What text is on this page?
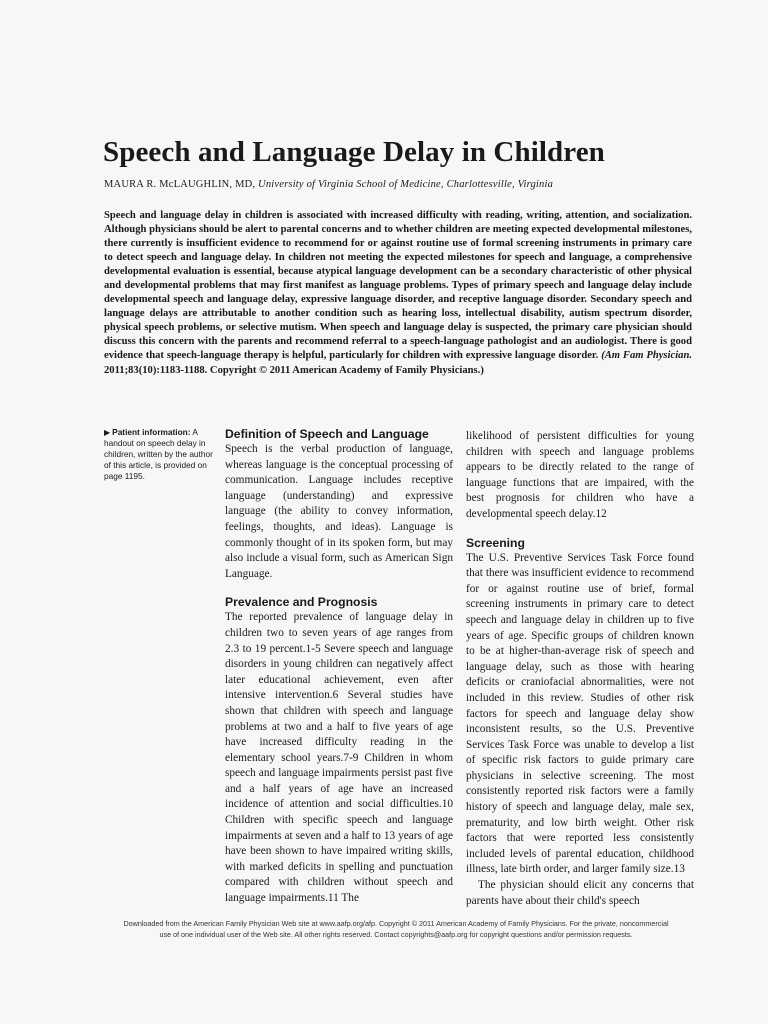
Speech and Language Delay in Children
MAURA R. McLAUGHLIN, MD, University of Virginia School of Medicine, Charlottesville, Virginia

Speech and language delay in children is associated with increased difficulty with reading, writing, attention, and socialization. Although physicians should be alert to parental concerns and to whether children are meeting expected developmental milestones, there currently is insufficient evidence to recommend for or against routine use of formal screening instruments in primary care to detect speech and language delay. In children not meeting the expected milestones for speech and language, a comprehensive developmental evaluation is essential, because atypical language development can be a secondary characteristic of other physical and developmental problems that may first manifest as language problems. Types of primary speech and language delay include developmental speech and language delay, expressive language disorder, and receptive language disorder. Secondary speech and language delays are attributable to another condition such as hearing loss, intellectual disability, autism spectrum disorder, physical speech problems, or selective mutism. When speech and language delay is suspected, the primary care physician should discuss this concern with the parents and recommend referral to a speech-language pathologist and an audiologist. There is good evidence that speech-language therapy is helpful, particularly for children with expressive language disorder. (Am Fam Physician. 2011;83(10):1183-1188. Copyright © 2011 American Academy of Family Physicians.)

▶ Patient information: A handout on speech delay in children, written by the author of this article, is provided on page 1195.
Definition of Speech and Language

Speech is the verbal production of language, whereas language is the conceptual processing of communication. Language includes receptive language (understanding) and expressive language (the ability to convey information, feelings, thoughts, and ideas). Language is commonly thought of in its spoken form, but may also include a visual form, such as American Sign Language.

Prevalence and Prognosis

The reported prevalence of language delay in children two to seven years of age ranges from 2.3 to 19 percent.1-5 Severe speech and language disorders in young children can negatively affect later educational achievement, even after intensive intervention.6 Several studies have shown that children with speech and language problems at two and a half to five years of age have increased difficulty reading in the elementary school years.7-9 Children in whom speech and language impairments persist past five and a half years of age have an increased incidence of attention and social difficulties.10 Children with specific speech and language impairments at seven and a half to 13 years of age have been shown to have impaired writing skills, with marked deficits in spelling and punctuation compared with children without speech and language impairments.11 The

likelihood of persistent difficulties for young children with speech and language problems appears to be directly related to the range of language functions that are impaired, with the best prognosis for children who have a developmental speech delay.12

Screening

The U.S. Preventive Services Task Force found that there was insufficient evidence to recommend for or against routine use of brief, formal screening instruments in primary care to detect speech and language delay in children up to five years of age. Specific groups of children known to be at higher-than-average risk of speech and language delay, such as those with hearing deficits or craniofacial abnormalities, were not included in this review. Studies of other risk factors for speech and language delay show inconsistent results, so the U.S. Preventive Services Task Force was unable to develop a list of specific risk factors to guide primary care physicians in selective screening. The most consistently reported risk factors were a family history of speech and language delay, male sex, prematurity, and low birth weight. Other risk factors that were reported less consistently included levels of parental education, childhood illness, late birth order, and larger family size.13

The physician should elicit any concerns that parents have about their child's speech

Downloaded from the American Family Physician Web site at www.aafp.org/afp. Copyright © 2011 American Academy of Family Physicians. For the private, noncommercial
use of one individual user of the Web site. All other rights reserved. Contact copyrights@aafp.org for copyright questions and/or permission requests.
